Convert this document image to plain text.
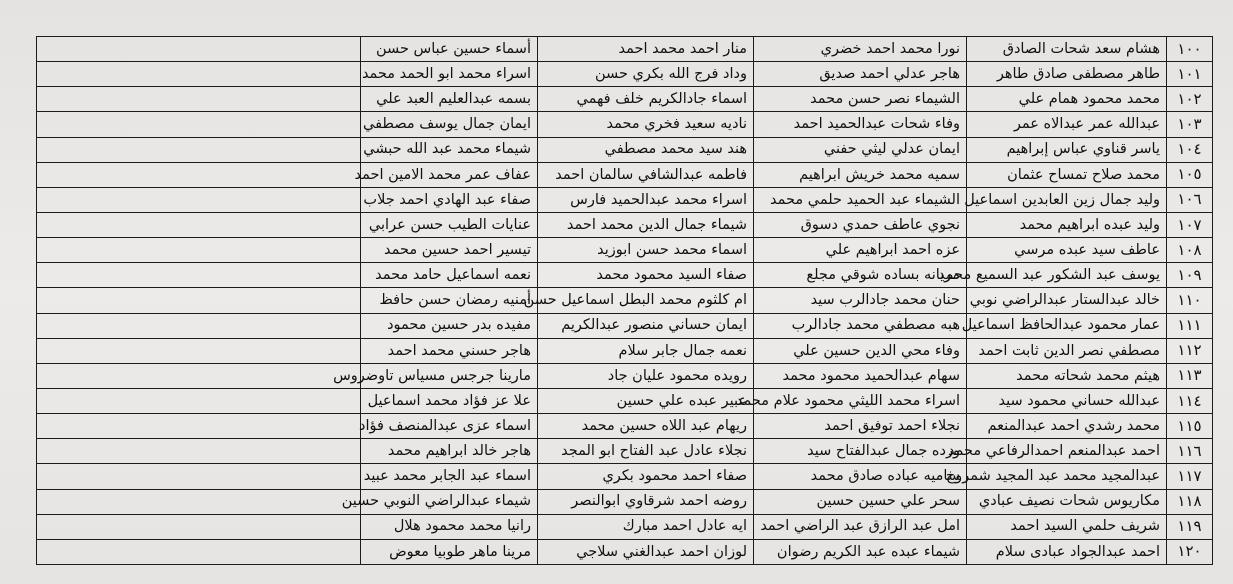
١٠٠	هشام سعد شحات الصادق	نورا محمد احمد خضري	منار احمد محمد احمد	أسماء حسين عباس حسن	
١٠١	طاهر مصطفى صادق طاهر	هاجر عدلي احمد صديق	وداد فرج الله بكري حسن	اسراء محمد ابو الحمد محمد	
١٠٢	محمد محمود همام علي	الشيماء نصر حسن محمد	اسماء جادالكريم خلف فهمي	بسمه عبدالعليم العبد علي	
١٠٣	عبدالله عمر عبدالاه عمر	وفاء شحات عبدالحميد احمد	ناديه سعيد فخري محمد	ايمان جمال يوسف مصطفي	
١٠٤	ياسر قناوي عباس إبراهيم	ايمان عدلي ليثي حفني	هند سيد محمد مصطفي	شيماء محمد عبد الله حبشي	
١٠٥	محمد صلاح تمساح عثمان	سميه محمد خريش ابراهيم	فاطمه عبدالشافي سالمان احمد	عفاف عمر محمد الامين احمد	
١٠٦	وليد جمال زين العابدين اسماعيل	الشيماء عبد الحميد حلمي محمد	اسراء محمد عبدالحميد فارس	صفاء عبد الهادي احمد جلاب	
١٠٧	وليد عبده ابراهيم محمد	نجوي عاطف حمدي دسوق	شيماء جمال الدين محمد احمد	عنايات الطيب حسن عرابي	
١٠٨	عاطف سيد عبده مرسي	عزه احمد ابراهيم علي	اسماء محمد حسن ابوزيد	تيسير احمد حسين محمد	
١٠٩	يوسف عبد الشكور عبد السميع محمد	مريانه بساده شوقي مجلع	صفاء السيد محمود محمد	نعمه اسماعيل حامد محمد	
١١٠	خالد عبدالستار عبدالراضي نوبي	حنان محمد جادالرب سيد	ام كلثوم محمد البطل اسماعيل حسن	أمنيه رمضان حسن حافظ	
١١١	عمار محمود عبدالحافظ اسماعيل	هبه مصطفي محمد جادالرب	ايمان حساني منصور عبدالكريم	مفيده بدر حسين محمود	
١١٢	مصطفي نصر الدين ثابت احمد	وفاء محي الدين حسين علي	نعمه جمال جابر سلام	هاجر حسني محمد احمد	
١١٣	هيثم محمد شحاته محمد	سهام عبدالحميد محمود محمد	رويده محمود عليان جاد	مارينا جرجس مسياس تاوضروس	
١١٤	عبدالله حساني محمود سيد	اسراء محمد الليثي محمود علام محمد	عبير عبده علي حسين	علا عز فؤاد محمد اسماعيل	
١١٥	محمد رشدي احمد عبدالمنعم	نجلاء احمد توفيق احمد	ريهام عبد اللاه حسين محمد	اسماء عزى عبدالمنصف فؤاد	
١١٦	احمد عبدالمنعم احمدالرفاعي محمد	ورده جمال عبدالفتاح سيد	نجلاء عادل عبد الفتاح ابو المجد	هاجر خالد ابراهيم محمد	
١١٧	عبدالمجيد محمد عبد المجيد شمروخ	ساميه عباده صادق محمد	صفاء احمد محمود بكري	اسماء عبد الجابر محمد عبيد	
١١٨	مكاريوس شحات نصيف عبادي	سحر علي حسين حسين	روضه احمد شرقاوي ابوالنصر	شيماء عبدالراضي النوبي حسين	
١١٩	شريف حلمي السيد احمد	امل عبد الرازق عبد الراضي احمد	ايه عادل احمد مبارك	رانيا محمد محمود هلال	
١٢٠	احمد عبدالجواد عبادى سلام	شيماء عبده عبد الكريم رضوان	لوزان احمد عبدالغني سلاجي	مرينا ماهر طوبيا معوض	
